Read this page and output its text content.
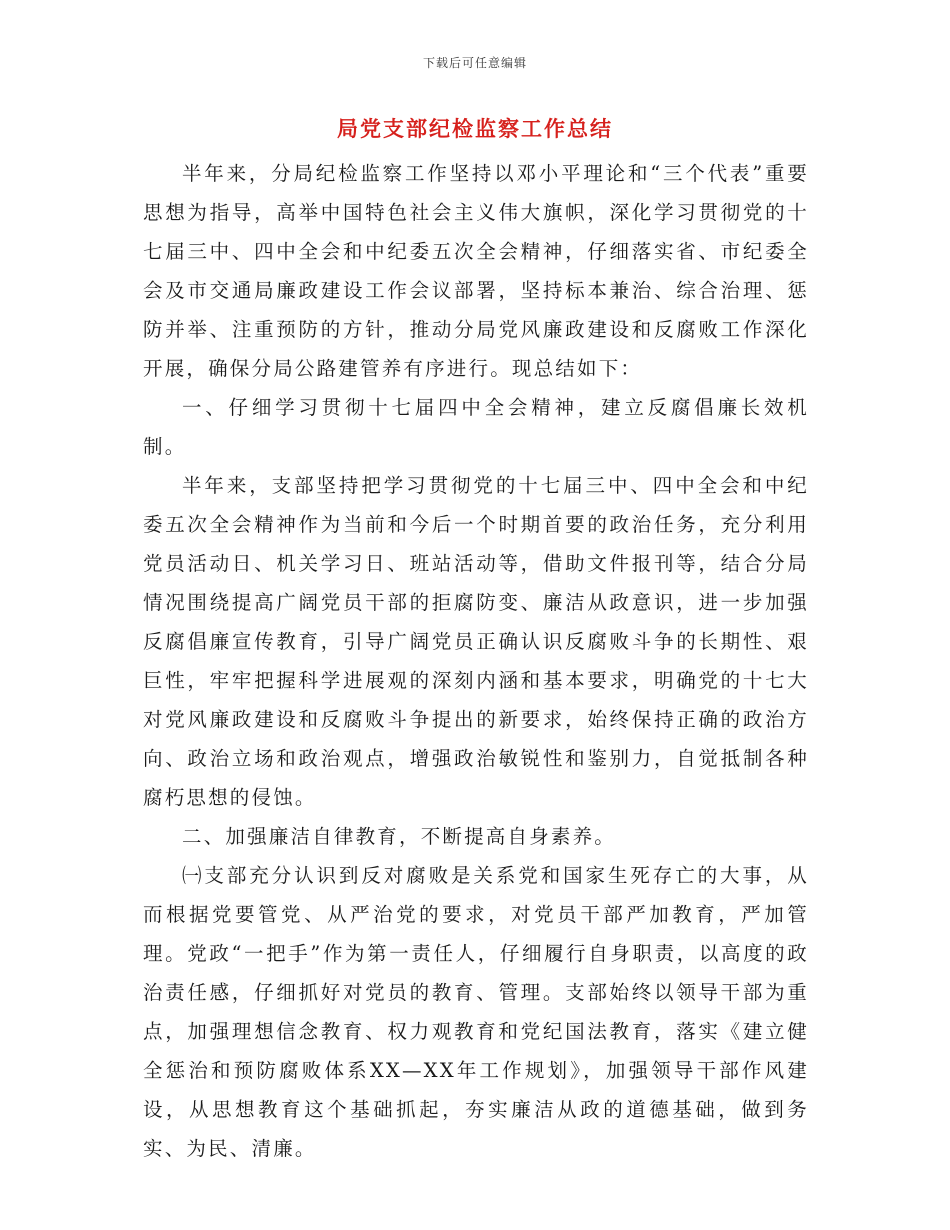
下载后可任意编辑
局党支部纪检监察工作总结

半年来，分局纪检监察工作坚持以邓小平理论和“三个代表”重要思想为指导，高举中国特色社会主义伟大旗帜，深化学习贯彻党的十七届三中、四中全会和中纪委五次全会精神，仔细落实省、市纪委全会及市交通局廉政建设工作会议部署，坚持标本兼治、综合治理、惩防并举、注重预防的方针，推动分局党风廉政建设和反腐败工作深化开展，确保分局公路建管养有序进行。现总结如下：

一、仔细学习贯彻十七届四中全会精神，建立反腐倡廉长效机制。

半年来，支部坚持把学习贯彻党的十七届三中、四中全会和中纪委五次全会精神作为当前和今后一个时期首要的政治任务，充分利用党员活动日、机关学习日、班站活动等，借助文件报刊等，结合分局情况围绕提高广阔党员干部的拒腐防变、廉洁从政意识，进一步加强反腐倡廉宣传教育，引导广阔党员正确认识反腐败斗争的长期性、艰巨性，牢牢把握科学进展观的深刻内涵和基本要求，明确党的十七大对党风廉政建设和反腐败斗争提出的新要求，始终保持正确的政治方向、政治立场和政治观点，增强政治敏锐性和鉴别力，自觉抵制各种腐朽思想的侵蚀。

二、加强廉洁自律教育，不断提高自身素养。

㈠支部充分认识到反对腐败是关系党和国家生死存亡的大事，从而根据党要管党、从严治党的要求，对党员干部严加教育，严加管理。党政“一把手”作为第一责任人，仔细履行自身职责，以高度的政治责任感，仔细抓好对党员的教育、管理。支部始终以领导干部为重点，加强理想信念教育、权力观教育和党纪国法教育，落实《建立健全惩治和预防腐败体系XX—XX年工作规划》，加强领导干部作风建设，从思想教育这个基础抓起，夯实廉洁从政的道德基础，做到务实、为民、清廉。
